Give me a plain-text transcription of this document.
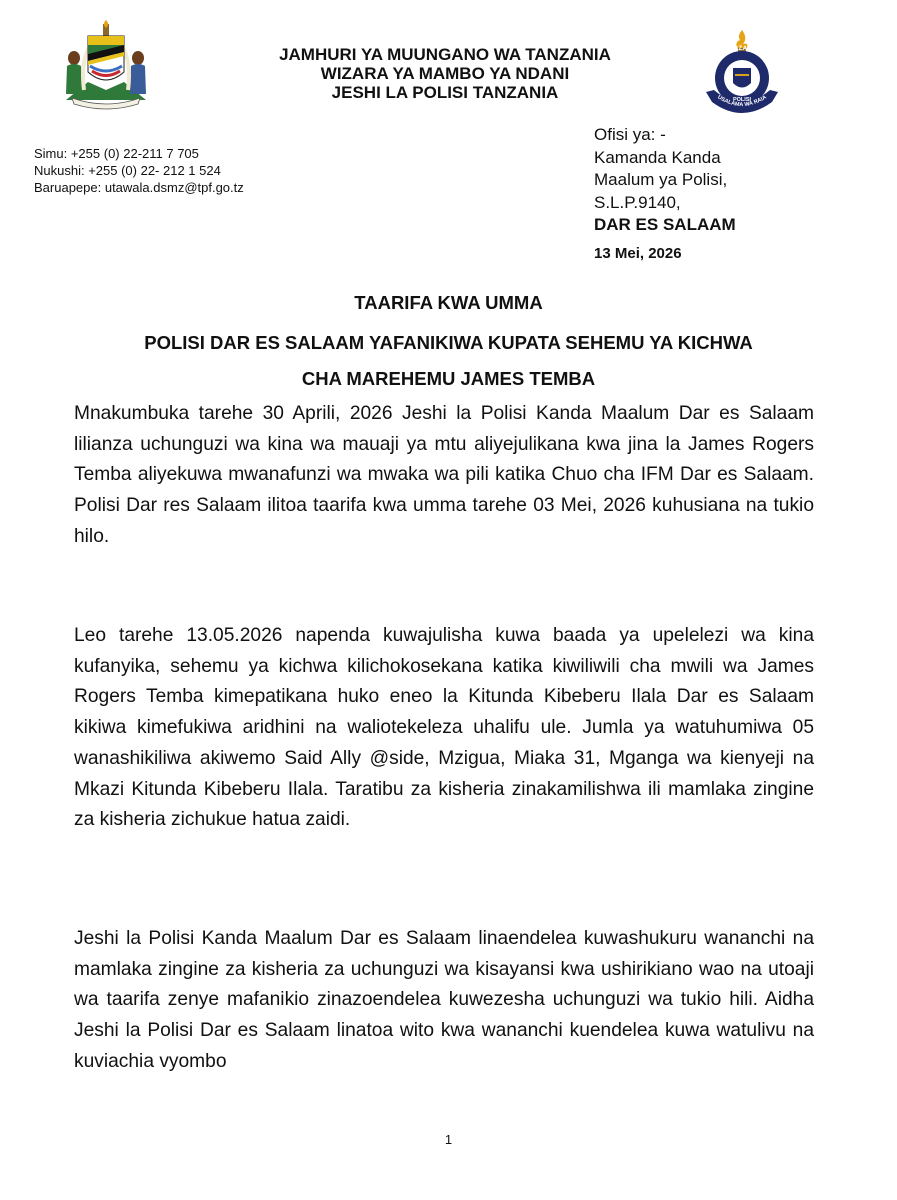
JAMHURI YA MUUNGANO WA TANZANIA
WIZARA YA MAMBO YA NDANI
JESHI LA POLISI TANZANIA
TANZANIA
POLISI
USALAMA WA RAIA
Simu: +255 (0) 22-211 7 705
Nukushi: +255 (0) 22- 212 1 524
Baruapepe: utawala.dsmz@tpf.go.tz
Ofisi ya: -
Kamanda Kanda
Maalum ya Polisi,
S.L.P.9140,
DAR ES SALAAM
13 Mei, 2026
TAARIFA KWA UMMA
POLISI DAR ES SALAAM YAFANIKIWA KUPATA SEHEMU YA KICHWA
CHA MAREHEMU JAMES TEMBA

Mnakumbuka tarehe 30 Aprili, 2026 Jeshi la Polisi Kanda Maalum Dar es Salaam lilianza uchunguzi wa kina wa mauaji ya mtu aliyejulikana kwa jina la James Rogers Temba aliyekuwa mwanafunzi wa mwaka wa pili katika Chuo cha IFM Dar es Salaam. Polisi Dar res Salaam ilitoa taarifa kwa umma tarehe 03 Mei, 2026 kuhusiana na tukio hilo.

Leo tarehe 13.05.2026 napenda kuwajulisha kuwa baada ya upelelezi wa kina kufanyika, sehemu ya kichwa kilichokosekana katika kiwiliwili cha mwili wa James Rogers Temba kimepatikana huko eneo la Kitunda Kibeberu Ilala Dar es Salaam kikiwa kimefukiwa aridhini na waliotekeleza uhalifu ule. Jumla ya watuhumiwa 05 wanashikiliwa akiwemo Said Ally @side, Mzigua, Miaka 31, Mganga wa kienyeji na Mkazi Kitunda Kibeberu Ilala. Taratibu za kisheria zinakamilishwa ili mamlaka zingine za kisheria zichukue hatua zaidi.

Jeshi la Polisi Kanda Maalum Dar es Salaam linaendelea kuwashukuru wananchi na mamlaka zingine za kisheria za uchunguzi wa kisayansi kwa ushirikiano wao na utoaji wa taarifa zenye mafanikio zinazoendelea kuwezesha uchunguzi wa tukio hili. Aidha Jeshi la Polisi Dar es Salaam linatoa wito kwa wananchi kuendelea kuwa watulivu na kuviachia vyombo

1
